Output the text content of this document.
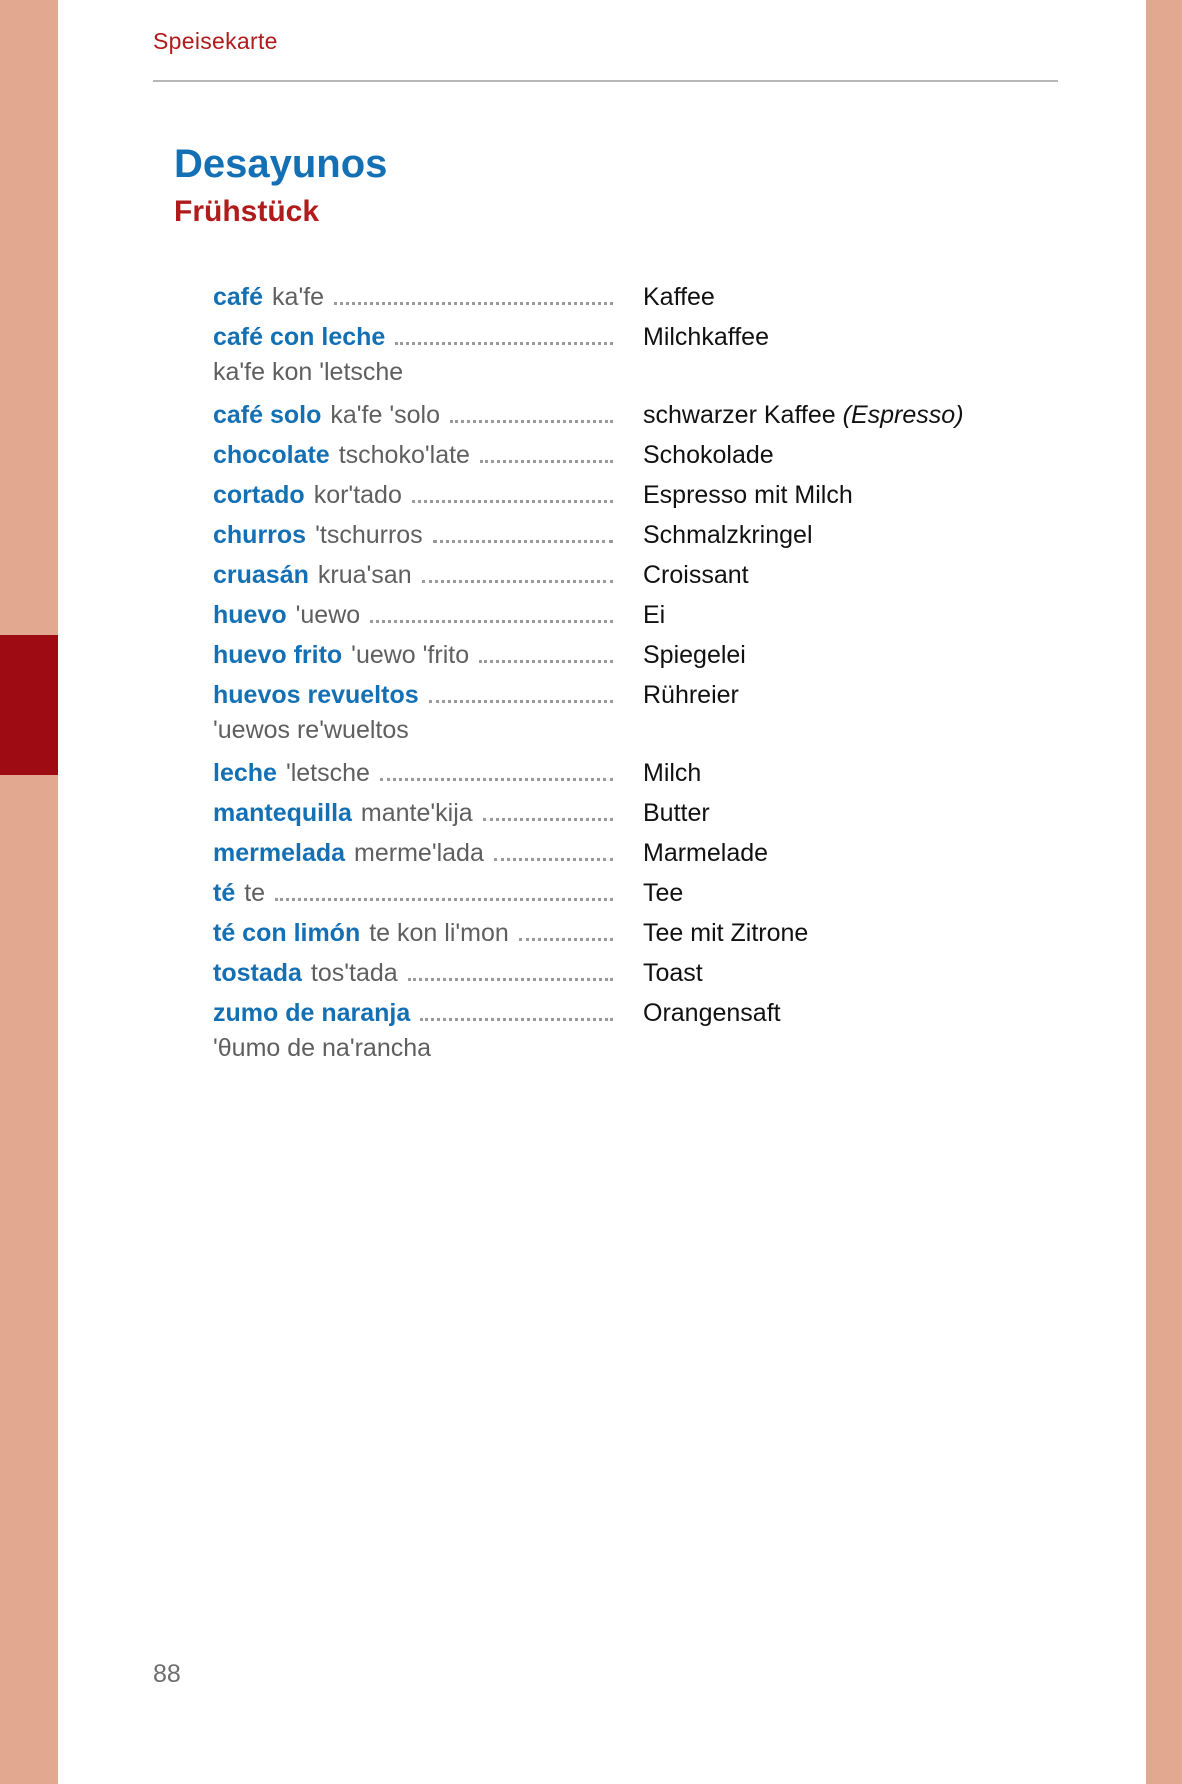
Speisekarte
Desayunos
Frühstück
café ka'fe	Kaffee
café con leche	Milchkaffee
ka'fe kon 'letsche
café solo ka'fe 'solo	schwarzer Kaffee (Espresso)
chocolate tschoko'late	Schokolade
cortado kor'tado	Espresso mit Milch
churros 'tschurros	Schmalzkringel
cruasán krua'san	Croissant
huevo 'uewo	Ei
huevo frito 'uewo 'frito	Spiegelei
huevos revueltos	Rühreier
'uewos re'wueltos
leche 'letsche	Milch
mantequilla mante'kija	Butter
mermelada merme'lada	Marmelade
té te	Tee
té con limón te kon li'mon	Tee mit Zitrone
tostada tos'tada	Toast
zumo de naranja	Orangensaft
'θumo de na'rancha
88
